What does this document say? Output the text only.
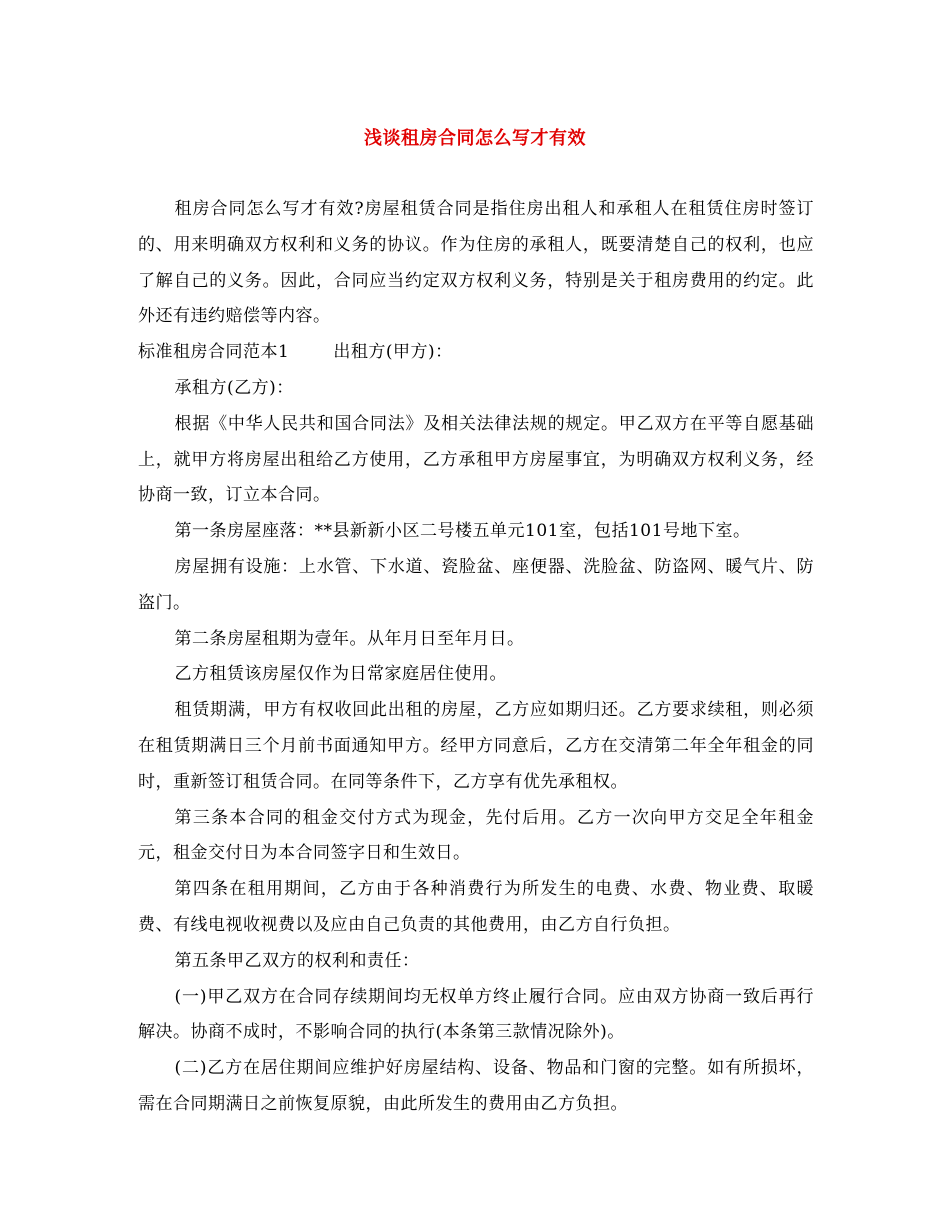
浅谈租房合同怎么写才有效

租房合同怎么写才有效?房屋租赁合同是指住房出租人和承租人在租赁住房时签订的、用来明确双方权利和义务的协议。作为住房的承租人，既要清楚自己的权利，也应了解自己的义务。因此，合同应当约定双方权利义务，特别是关于租房费用的约定。此外还有违约赔偿等内容。

标准租房合同范本1	出租方(甲方)：

承租方(乙方)：

根据《中华人民共和国合同法》及相关法律法规的规定。甲乙双方在平等自愿基础上，就甲方将房屋出租给乙方使用，乙方承租甲方房屋事宜，为明确双方权利义务，经协商一致，订立本合同。

第一条房屋座落：**县新新小区二号楼五单元101室，包括101号地下室。

房屋拥有设施：上水管、下水道、瓷脸盆、座便器、洗脸盆、防盗网、暖气片、防盗门。

第二条房屋租期为壹年。从年月日至年月日。

乙方租赁该房屋仅作为日常家庭居住使用。

租赁期满，甲方有权收回此出租的房屋，乙方应如期归还。乙方要求续租，则必须在租赁期满日三个月前书面通知甲方。经甲方同意后，乙方在交清第二年全年租金的同时，重新签订租赁合同。在同等条件下，乙方享有优先承租权。

第三条本合同的租金交付方式为现金，先付后用。乙方一次向甲方交足全年租金元，租金交付日为本合同签字日和生效日。

第四条在租用期间，乙方由于各种消费行为所发生的电费、水费、物业费、取暖费、有线电视收视费以及应由自己负责的其他费用，由乙方自行负担。

第五条甲乙双方的权利和责任：

(一)甲乙双方在合同存续期间均无权单方终止履行合同。应由双方协商一致后再行解决。协商不成时，不影响合同的执行(本条第三款情况除外)。

(二)乙方在居住期间应维护好房屋结构、设备、物品和门窗的完整。如有所损坏，需在合同期满日之前恢复原貌，由此所发生的费用由乙方负担。
